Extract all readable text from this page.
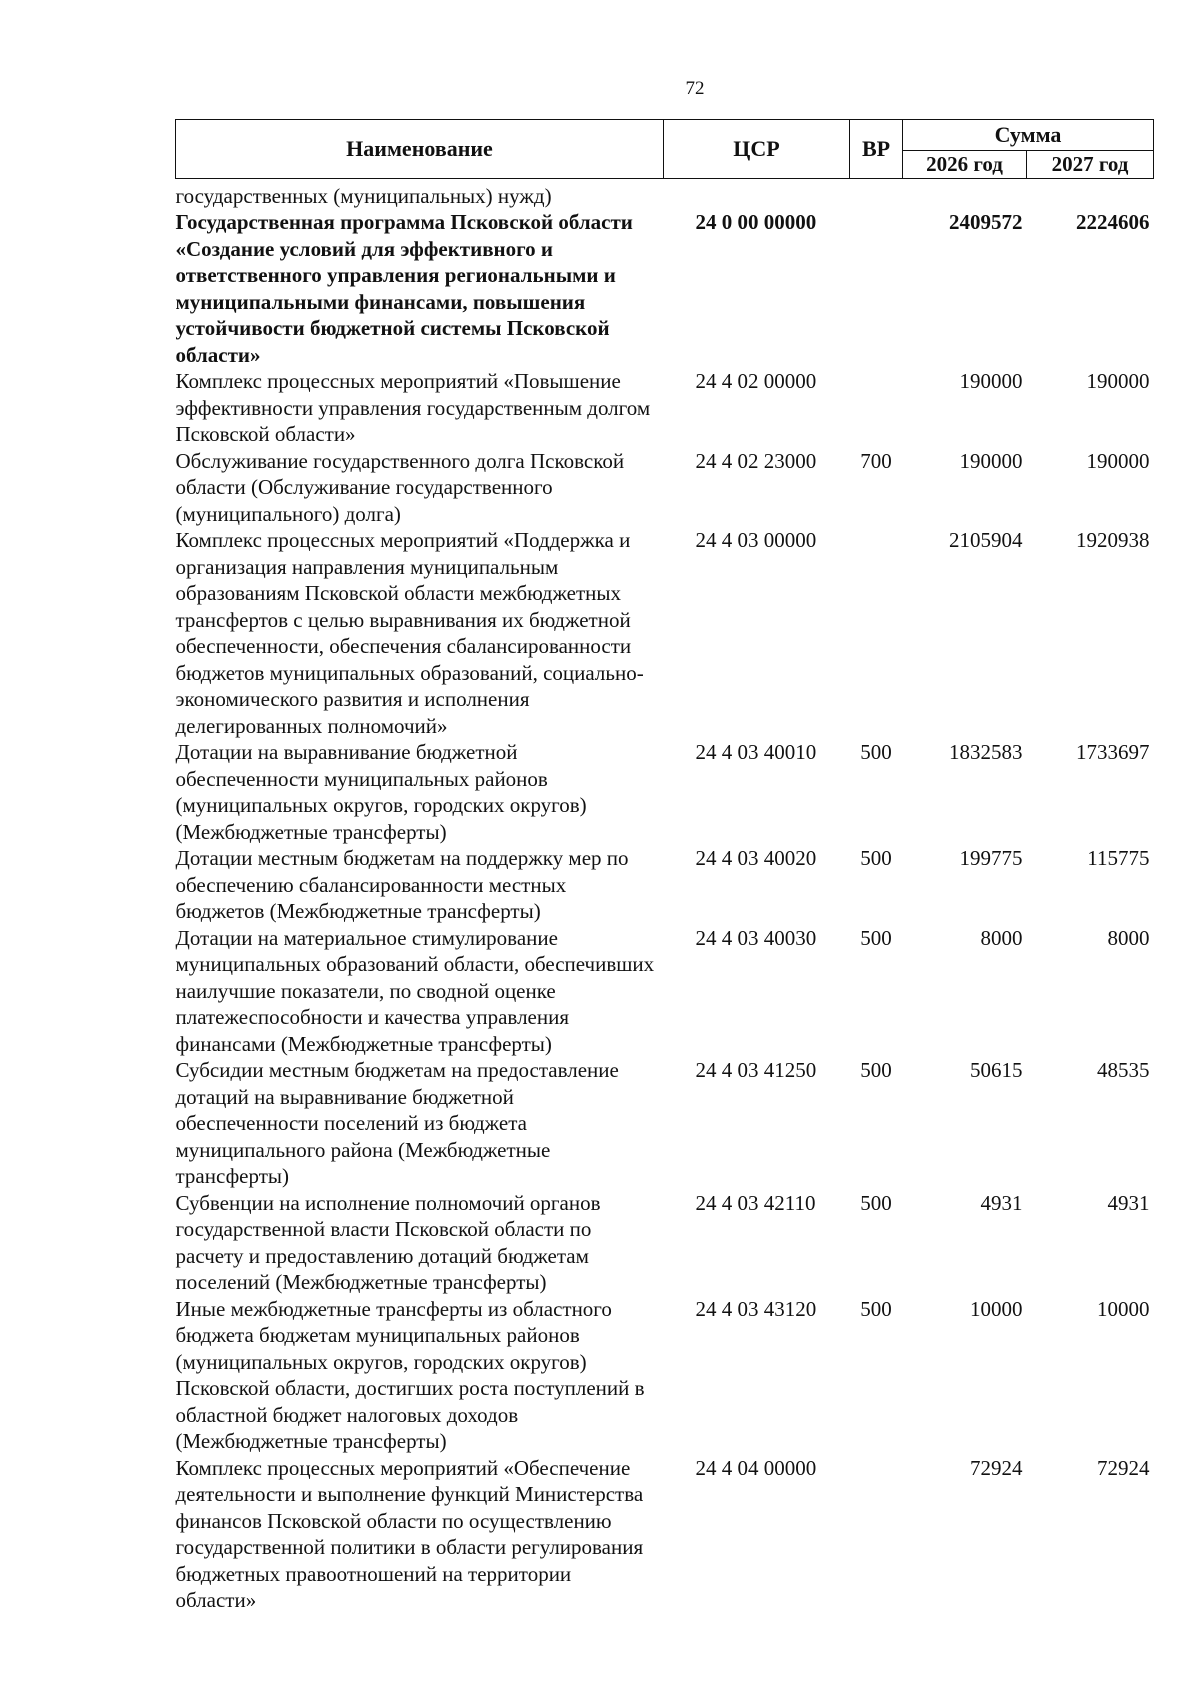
72
Наименование	ЦСР	ВР	Сумма	
			2026 год	2027 год
государственных (муниципальных) нужд)				
Государственная программа Псковской области «Создание условий для эффективного и ответственного управления региональными и муниципальными финансами, повышения устойчивости бюджетной системы Псковской области»	24 0 00 00000		2409572	2224606
Комплекс процессных мероприятий «Повышение эффективности управления государственным долгом Псковской области»	24 4 02 00000		190000	190000
Обслуживание государственного долга Псковской области (Обслуживание государственного (муниципального) долга)	24 4 02 23000	700	190000	190000
Комплекс процессных мероприятий «Поддержка и организация направления муниципальным образованиям Псковской области межбюджетных трансфертов с целью выравнивания их бюджетной обеспеченности, обеспечения сбалансированности бюджетов муниципальных образований, социально-экономического развития и исполнения делегированных полномочий»	24 4 03 00000		2105904	1920938
Дотации на выравнивание бюджетной обеспеченности муниципальных районов (муниципальных округов, городских округов) (Межбюджетные трансферты)	24 4 03 40010	500	1832583	1733697
Дотации местным бюджетам на поддержку мер по обеспечению сбалансированности местных бюджетов (Межбюджетные трансферты)	24 4 03 40020	500	199775	115775
Дотации на материальное стимулирование муниципальных образований области, обеспечивших наилучшие показатели, по сводной оценке платежеспособности и качества управления финансами (Межбюджетные трансферты)	24 4 03 40030	500	8000	8000
Субсидии местным бюджетам на предоставление дотаций на выравнивание бюджетной обеспеченности поселений из бюджета муниципального района (Межбюджетные трансферты)	24 4 03 41250	500	50615	48535
Субвенции на исполнение полномочий органов государственной власти Псковской области по расчету и предоставлению дотаций бюджетам поселений (Межбюджетные трансферты)	24 4 03 42110	500	4931	4931
Иные межбюджетные трансферты из областного бюджета бюджетам муниципальных районов (муниципальных округов, городских округов) Псковской области, достигших роста поступлений в областной бюджет налоговых доходов (Межбюджетные трансферты)	24 4 03 43120	500	10000	10000
Комплекс процессных мероприятий «Обеспечение деятельности и выполнение функций Министерства финансов Псковской области по осуществлению государственной политики в области регулирования бюджетных правоотношений на территории области»	24 4 04 00000		72924	72924
